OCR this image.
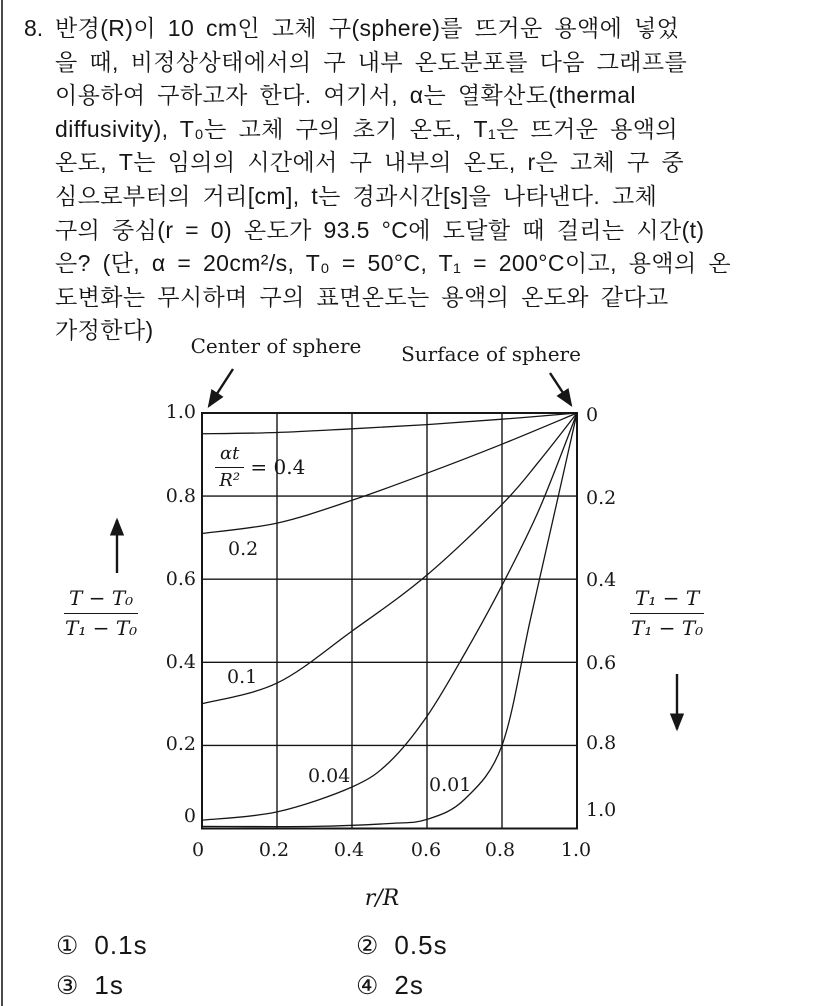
8. 반경(R)이 10 cm인 고체 구(sphere)를 뜨거운 용액에 넣었
을 때, 비정상상태에서의 구 내부 온도분포를 다음 그래프를
이용하여 구하고자 한다. 여기서, α는 열확산도(thermal
diffusivity), T₀는 고체 구의 초기 온도, T₁은 뜨거운 용액의
온도, T는 임의의 시간에서 구 내부의 온도, r은 고체 구 중
심으로부터의 거리[cm], t는 경과시간[s]을 나타낸다. 고체
구의 중심(r = 0) 온도가 93.5 °C에 도달할 때 걸리는 시간(t)
은? (단, α = 20cm²/s, T₀ = 50°C, T₁ = 200°C이고, 용액의 온
도변화는 무시하며 구의 표면온도는 용액의 온도와 같다고
가정한다)
Center of sphere	Surface of sphere
1.0
0.8
0.6
0.4
0.2
0
0
0.2
0.4
0.6
0.8
1.0
0	0.2	0.4	0.6	0.8	1.0
r/R
$\frac{\text{T − T₀}}{\text{T₁ − T₀}}$	$\frac{\text{T₁ − T}}{\text{T₁ − T₀}}$
$\frac{\alpha t}{\text{R²}} = 0.4$
0.2
0.1
0.04	0.01
① 0.1s	② 0.5s
③ 1s	④ 2s
